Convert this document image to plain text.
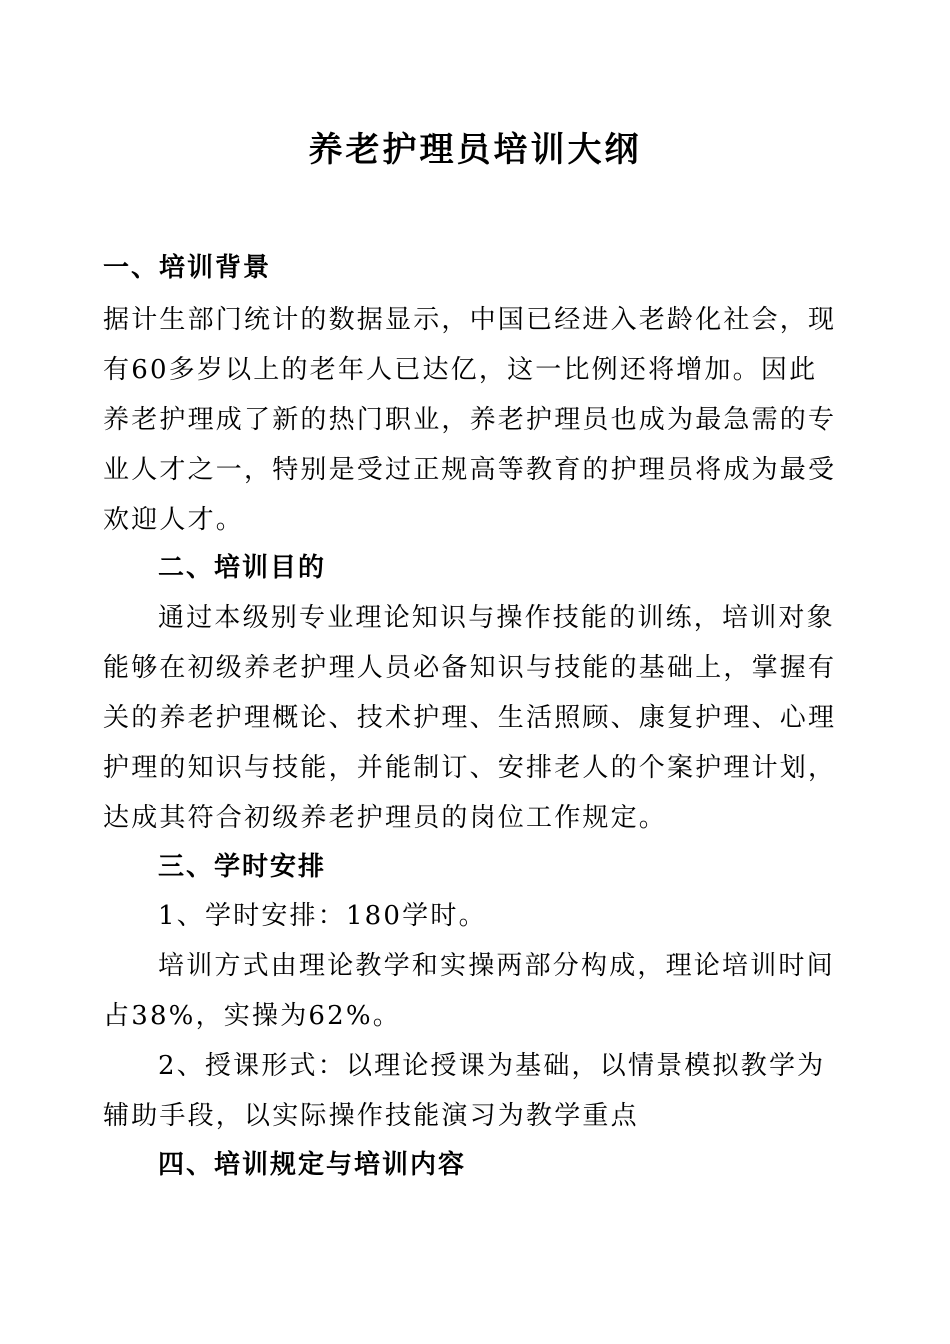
养老护理员培训大纲
一、培训背景
据计生部门统计的数据显示，中国已经进入老龄化社会，现
有60多岁以上的老年人已达亿，这一比例还将增加。因此
养老护理成了新的热门职业，养老护理员也成为最急需的专
业人才之一，特别是受过正规高等教育的护理员将成为最受
欢迎人才。
二、培训目的
通过本级别专业理论知识与操作技能的训练，培训对象
能够在初级养老护理人员必备知识与技能的基础上，掌握有
关的养老护理概论、技术护理、生活照顾、康复护理、心理
护理的知识与技能，并能制订、安排老人的个案护理计划，
达成其符合初级养老护理员的岗位工作规定。
三、学时安排
1、学时安排：180学时。
培训方式由理论教学和实操两部分构成，理论培训时间
占38%，实操为62%。
2、授课形式：以理论授课为基础，以情景模拟教学为
辅助手段，以实际操作技能演习为教学重点
四、培训规定与培训内容
